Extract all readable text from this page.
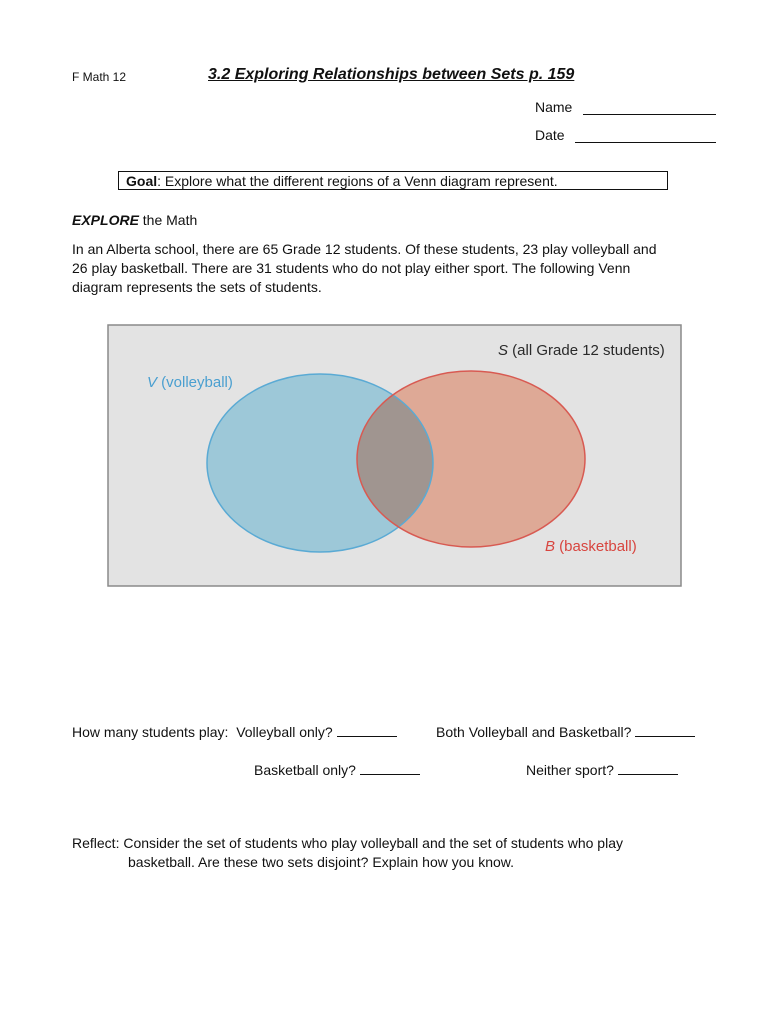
F Math 12	3.2 Exploring Relationships between Sets p. 159
Name
Date
Goal: Explore what the different regions of a Venn diagram represent.
EXPLORE the Math
In an Alberta school, there are 65 Grade 12 students. Of these students, 23 play volleyball and
26 play basketball. There are 31 students who do not play either sport. The following Venn
diagram represents the sets of students.
S (all Grade 12 students)
V (volleyball)
B (basketball)
How many students play: Volleyball only?	Both Volleyball and Basketball?
Basketball only?	Neither sport?
Reflect: Consider the set of students who play volleyball and the set of students who play
basketball. Are these two sets disjoint? Explain how you know.
